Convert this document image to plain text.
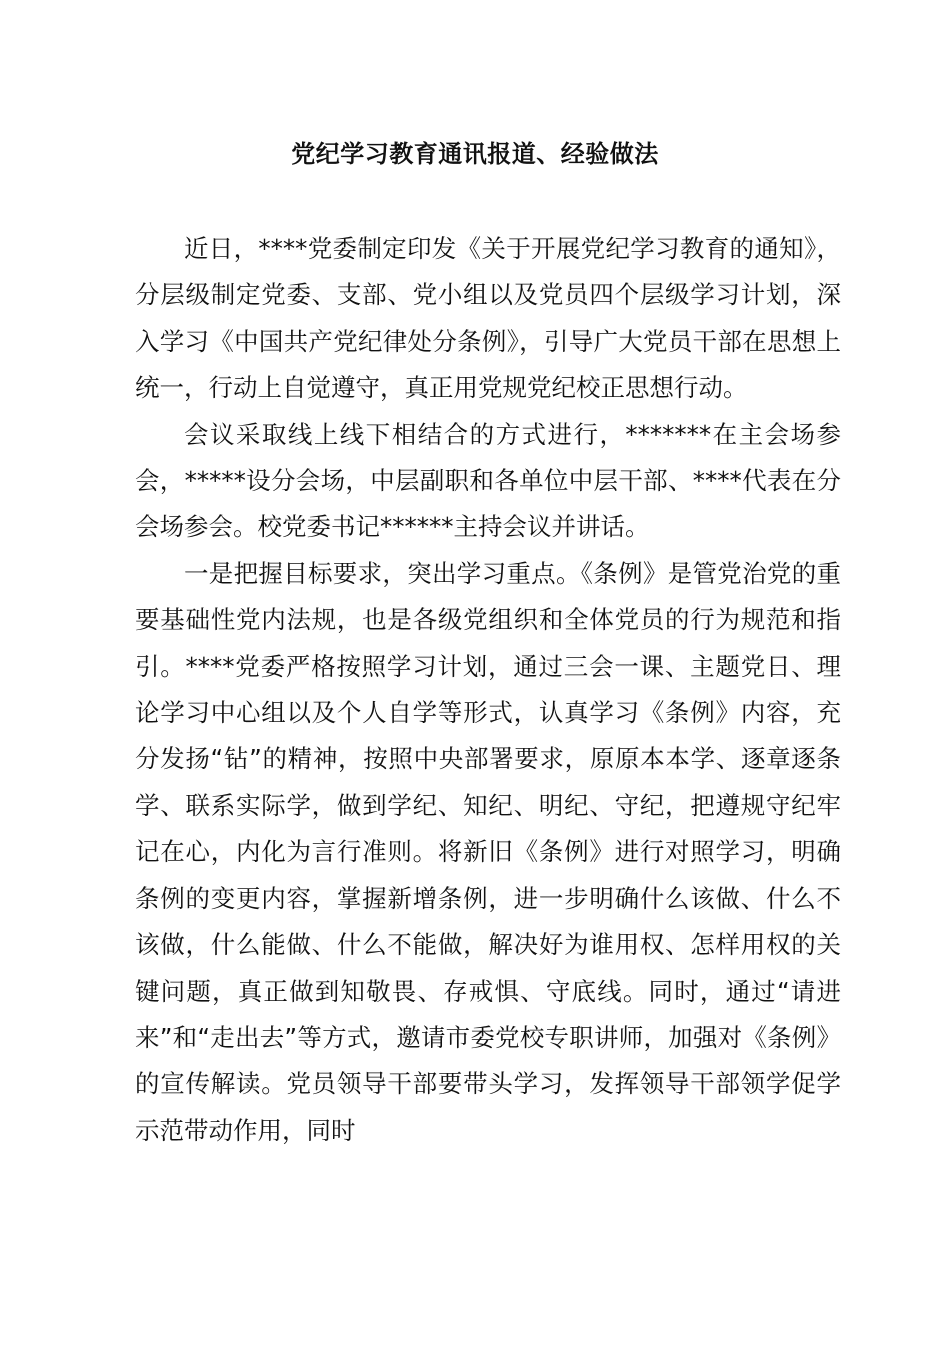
党纪学习教育通讯报道、经验做法

近日，****党委制定印发《关于开展党纪学习教育的通知》，分层级制定党委、支部、党小组以及党员四个层级学习计划，深入学习《中国共产党纪律处分条例》，引导广大党员干部在思想上统一，行动上自觉遵守，真正用党规党纪校正思想行动。

会议采取线上线下相结合的方式进行，*******在主会场参会，*****设分会场，中层副职和各单位中层干部、****代表在分会场参会。校党委书记******主持会议并讲话。

一是把握目标要求，突出学习重点。《条例》是管党治党的重要基础性党内法规，也是各级党组织和全体党员的行为规范和指引。****党委严格按照学习计划，通过三会一课、主题党日、理论学习中心组以及个人自学等形式，认真学习《条例》内容，充分发扬“钻”的精神，按照中央部署要求，原原本本学、逐章逐条学、联系实际学，做到学纪、知纪、明纪、守纪，把遵规守纪牢记在心，内化为言行准则。将新旧《条例》进行对照学习，明确条例的变更内容，掌握新增条例，进一步明确什么该做、什么不该做，什么能做、什么不能做，解决好为谁用权、怎样用权的关键问题，真正做到知敬畏、存戒惧、守底线。同时，通过“请进来”和“走出去”等方式，邀请市委党校专职讲师，加强对《条例》的宣传解读。党员领导干部要带头学习，发挥领导干部领学促学示范带动作用，同时
